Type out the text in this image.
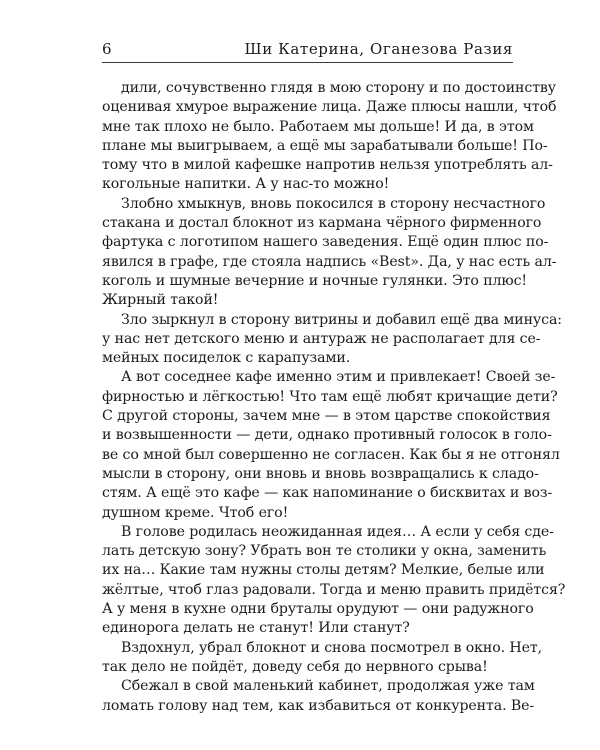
6	Ши Катерина, Оганезова Разия
дили, сочувственно глядя в мою сторону и по достоинству
оценивая хмурое выражение лица. Даже плюсы нашли, чтоб
мне так плохо не было. Работаем мы дольше! И да, в этом
плане мы выигрываем, а ещё мы зарабатывали больше! По-
тому что в милой кафешке напротив нельзя употреблять ал-
когольные напитки. А у нас-то можно!
Злобно хмыкнув, вновь покосился в сторону несчастного
стакана и достал блокнот из кармана чёрного фирменного
фартука с логотипом нашего заведения. Ещё один плюс по-
явился в графе, где стояла надпись «Best». Да, у нас есть ал-
коголь и шумные вечерние и ночные гулянки. Это плюс!
Жирный такой!
Зло зыркнул в сторону витрины и добавил ещё два минуса:
у нас нет детского меню и антураж не располагает для се-
мейных посиделок с карапузами.
А вот соседнее кафе именно этим и привлекает! Своей зе-
фирностью и лёгкостью! Что там ещё любят кричащие дети?
С другой стороны, зачем мне — в этом царстве спокойствия
и возвышенности — дети, однако противный голосок в голо-
ве со мной был совершенно не согласен. Как бы я не отгонял
мысли в сторону, они вновь и вновь возвращались к сладо-
стям. А ещё это кафе — как напоминание о бисквитах и воз-
душном креме. Чтоб его!
В голове родилась неожиданная идея… А если у себя сде-
лать детскую зону? Убрать вон те столики у окна, заменить
их на… Какие там нужны столы детям? Мелкие, белые или
жёлтые, чтоб глаз радовали. Тогда и меню править придётся?
А у меня в кухне одни бруталы орудуют — они радужного
единорога делать не станут! Или станут?
Вздохнул, убрал блокнот и снова посмотрел в окно. Нет,
так дело не пойдёт, доведу себя до нервного срыва!
Сбежал в свой маленький кабинет, продолжая уже там
ломать голову над тем, как избавиться от конкурента. Ве-
